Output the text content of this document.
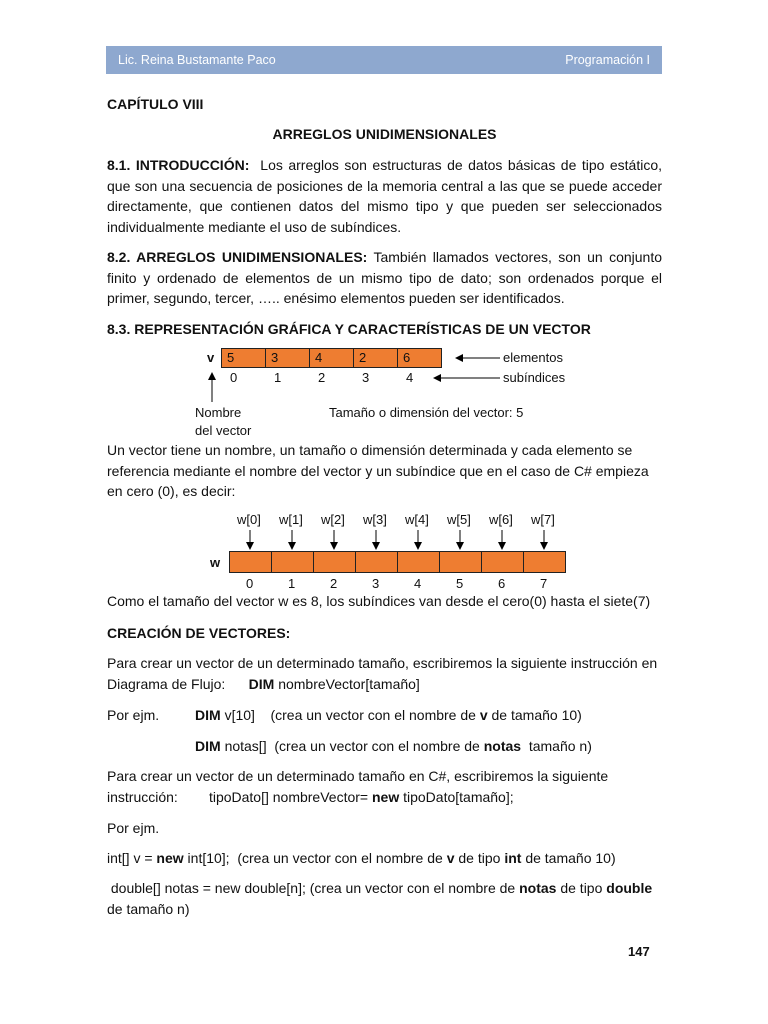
Lic. Reina Bustamante Paco	Programación I
CAPÍTULO VIII
ARREGLOS UNIDIMENSIONALES
8.1. INTRODUCCIÓN: Los arreglos son estructuras de datos básicas de tipo estático, que son una secuencia de posiciones de la memoria central a las que se puede acceder directamente, que contienen datos del mismo tipo y que pueden ser seleccionados individualmente mediante el uso de subíndices.
8.2. ARREGLOS UNIDIMENSIONALES: También llamados vectores, son un conjunto finito y ordenado de elementos de un mismo tipo de dato; son ordenados porque el primer, segundo, tercer, ….. enésimo elementos pueden ser identificados.
8.3. REPRESENTACIÓN GRÁFICA Y CARACTERÍSTICAS DE UN VECTOR
v 5	3	4	2	6
0	1	2	3	4
elementos
subíndices
Nombre
del vector
Tamaño o dimensión del vector: 5
Un vector tiene un nombre, un tamaño o dimensión determinada y cada elemento se referencia mediante el nombre del vector y un subíndice que en el caso de C# empieza en cero (0), es decir:
w[0] w[1] w[2] w[3] w[4] w[5] w[6] w[7]
w
0	1	2	3	4	5	6	7
Como el tamaño del vector w es 8, los subíndices van desde el cero(0) hasta el siete(7)
CREACIÓN DE VECTORES:
Para crear un vector de un determinado tamaño, escribiremos la siguiente instrucción en
Diagrama de Flujo: DIM nombreVector[tamaño]
Por ejm.	DIM v[10] (crea un vector con el nombre de v de tamaño 10)
DIM notas[] (crea un vector con el nombre de notas tamaño n)
Para crear un vector de un determinado tamaño en C#, escribiremos la siguiente
instrucción: tipoDato[] nombreVector= new tipoDato[tamaño];
Por ejm.
int[] v = new int[10]; (crea un vector con el nombre de v de tipo int de tamaño 10)
double[] notas = new double[n]; (crea un vector con el nombre de notas de tipo double
de tamaño n)
147
